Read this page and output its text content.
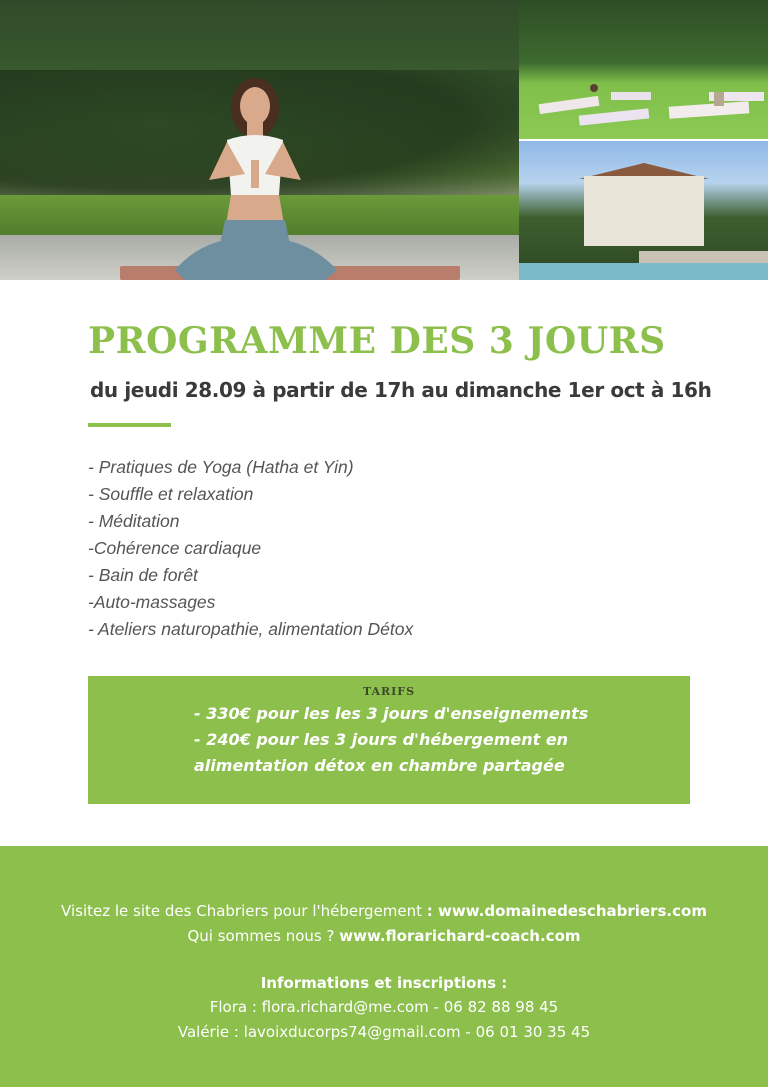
PROGRAMME DES 3 JOURS

du jeudi 28.09 à partir de 17h au dimanche 1er oct à 16h

- Pratiques de Yoga (Hatha et Yin)
- Souffle et relaxation
- Méditation
-Cohérence cardiaque
- Bain de forêt
-Auto-massages
- Ateliers naturopathie, alimentation Détox
TARIFS
- 330€ pour les les 3 jours d'enseignements
- 240€ pour les 3 jours d'hébergement en
alimentation détox en chambre partagée
Visitez le site des Chabriers pour l'hébergement : www.domainedeschabriers.com
Qui sommes nous ? www.florarichard-coach.com
Informations et inscriptions :
Flora : flora.richard@me.com - 06 82 88 98 45
Valérie : lavoixducorps74@gmail.com - 06 01 30 35 45
